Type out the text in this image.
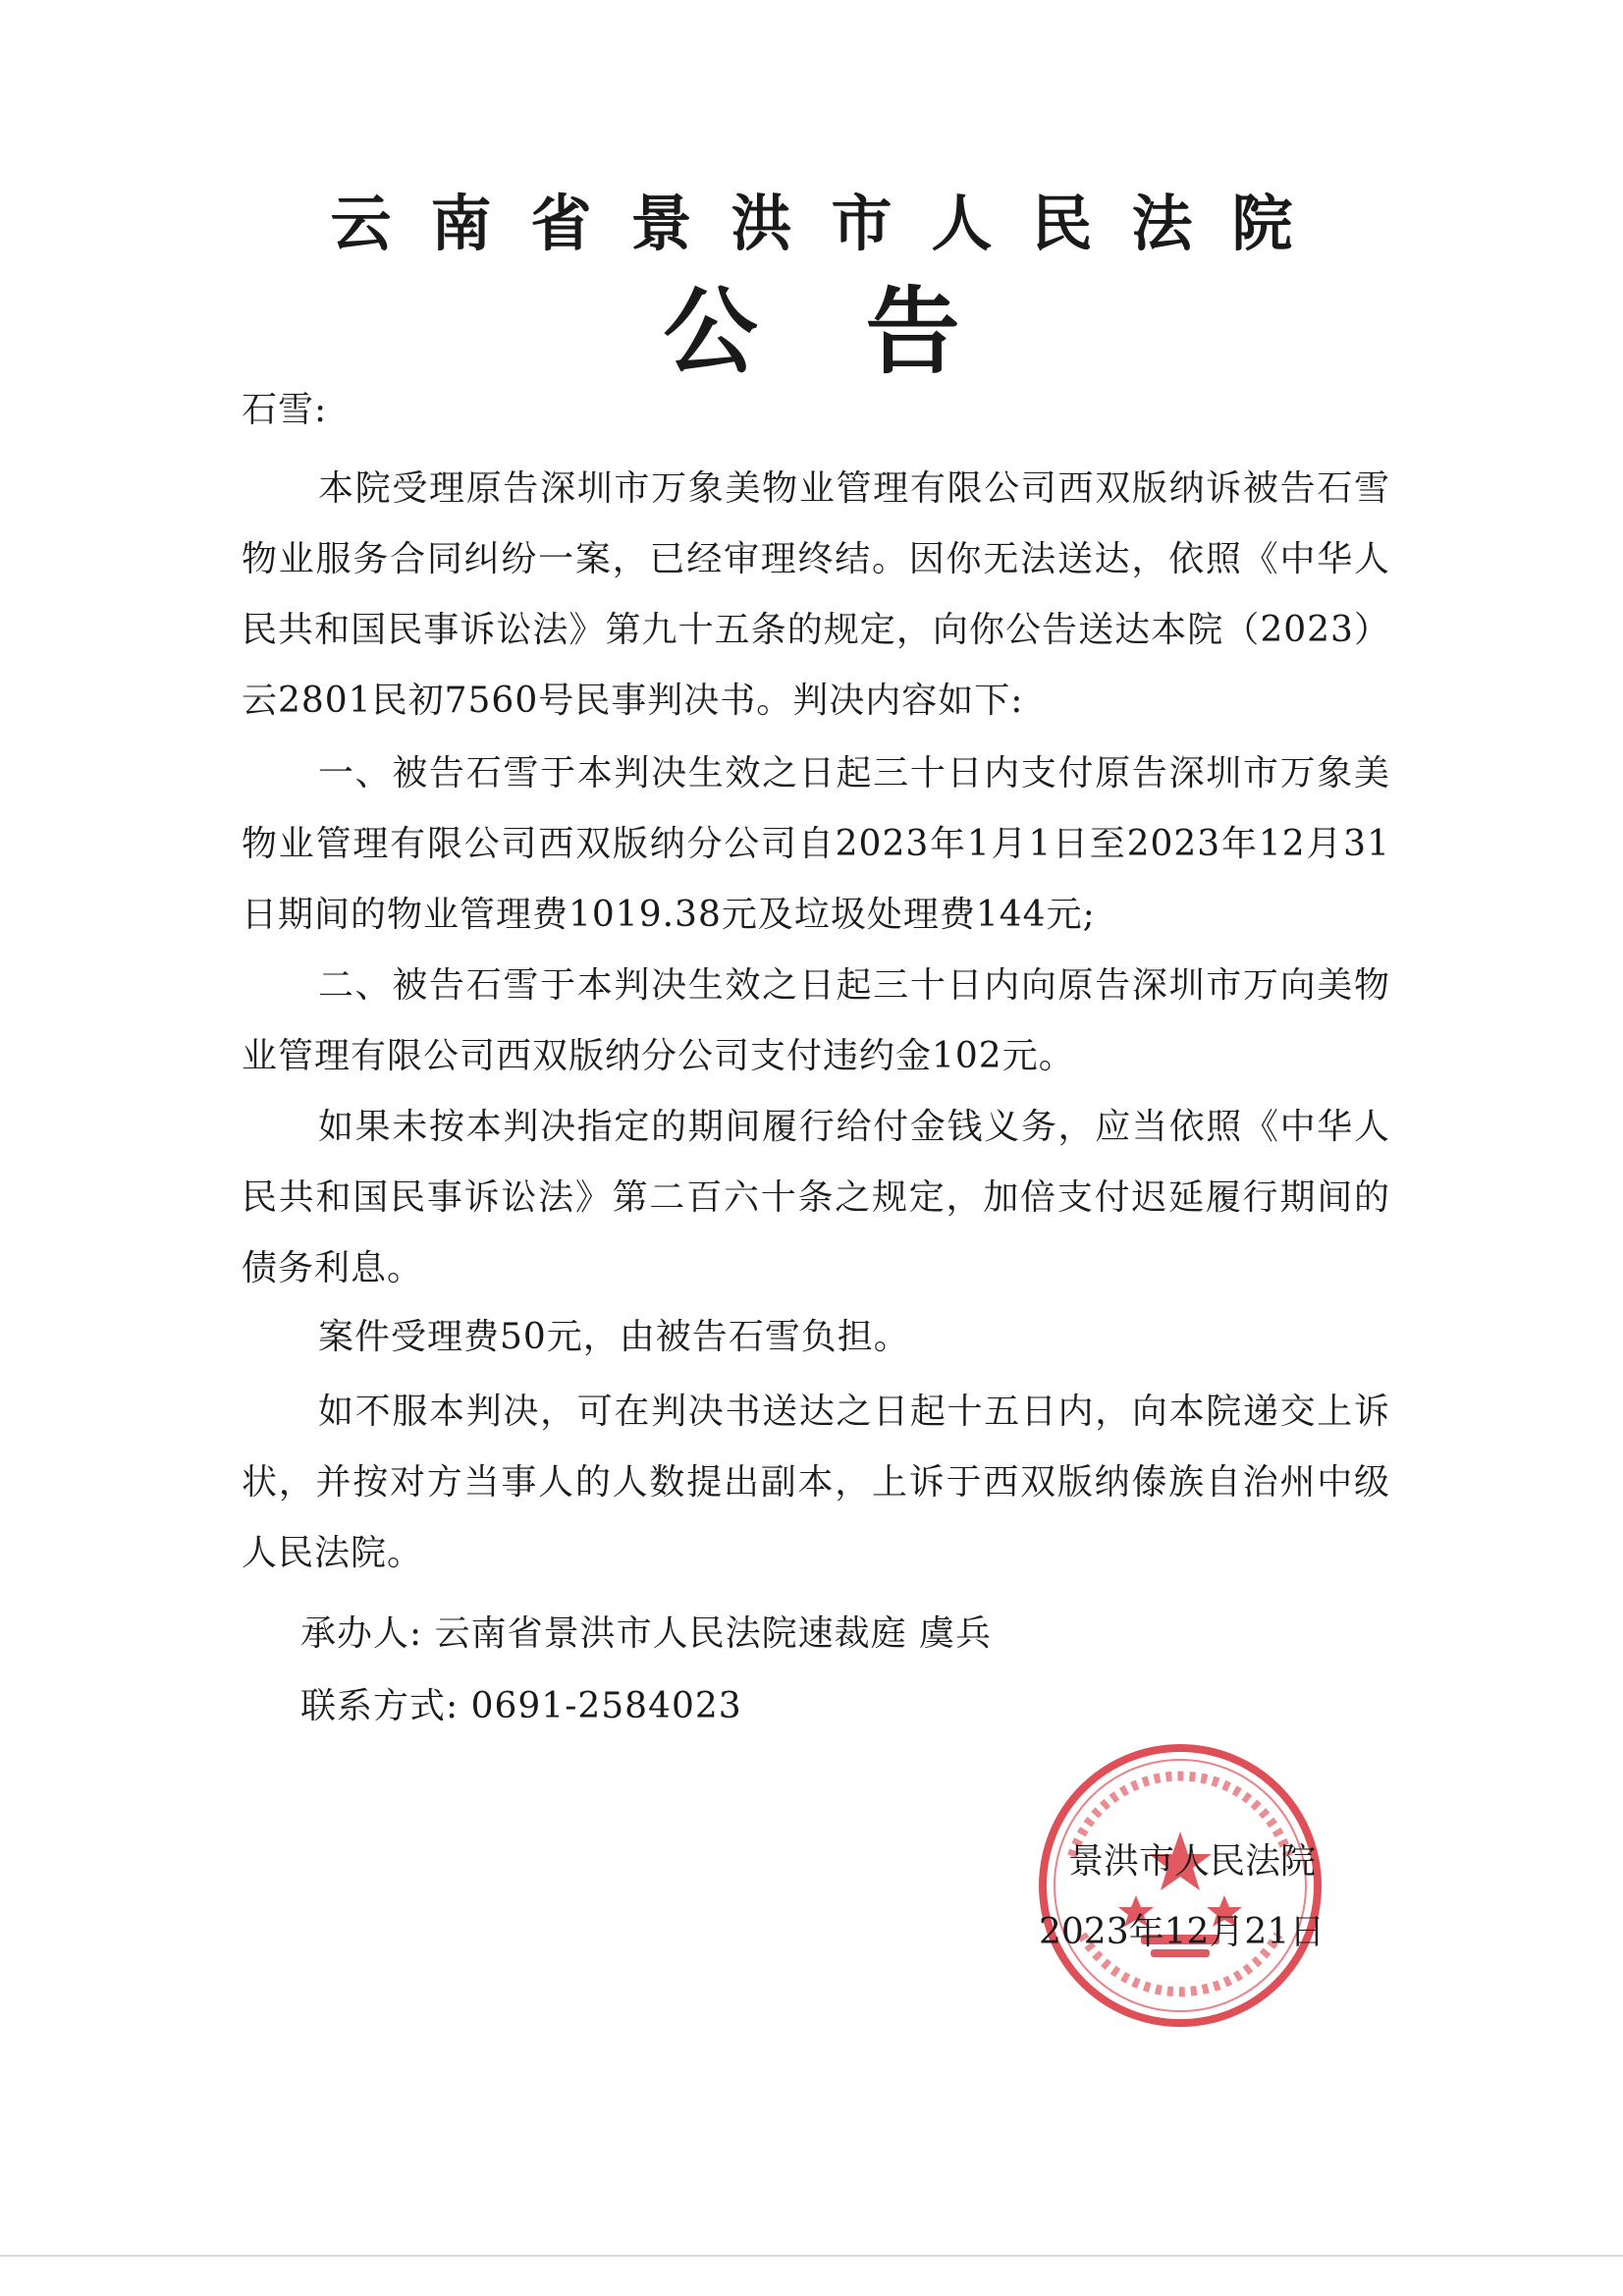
云南省景洪市人民法院
公告
石雪:
本院受理原告深圳市万象美物业管理有限公司西双版纳诉被告石雪物业服务合同纠纷一案，已经审理终结。因你无法送达，依照《中华人民共和国民事诉讼法》第九十五条的规定，向你公告送达本院（2023）云2801民初7560号民事判决书。判决内容如下:
一、被告石雪于本判决生效之日起三十日内支付原告深圳市万象美物业管理有限公司西双版纳分公司自2023年1月1日至2023年12月31日期间的物业管理费1019.38元及垃圾处理费144元;
二、被告石雪于本判决生效之日起三十日内向原告深圳市万向美物业管理有限公司西双版纳分公司支付违约金102元。
如果未按本判决指定的期间履行给付金钱义务，应当依照《中华人民共和国民事诉讼法》第二百六十条之规定，加倍支付迟延履行期间的债务利息。
案件受理费50元，由被告石雪负担。
如不服本判决，可在判决书送达之日起十五日内，向本院递交上诉状，并按对方当事人的人数提出副本，上诉于西双版纳傣族自治州中级人民法院。
承办人: 云南省景洪市人民法院速裁庭 虞兵
联系方式: 0691-2584023
景洪市人民法院
2023年12月21日
